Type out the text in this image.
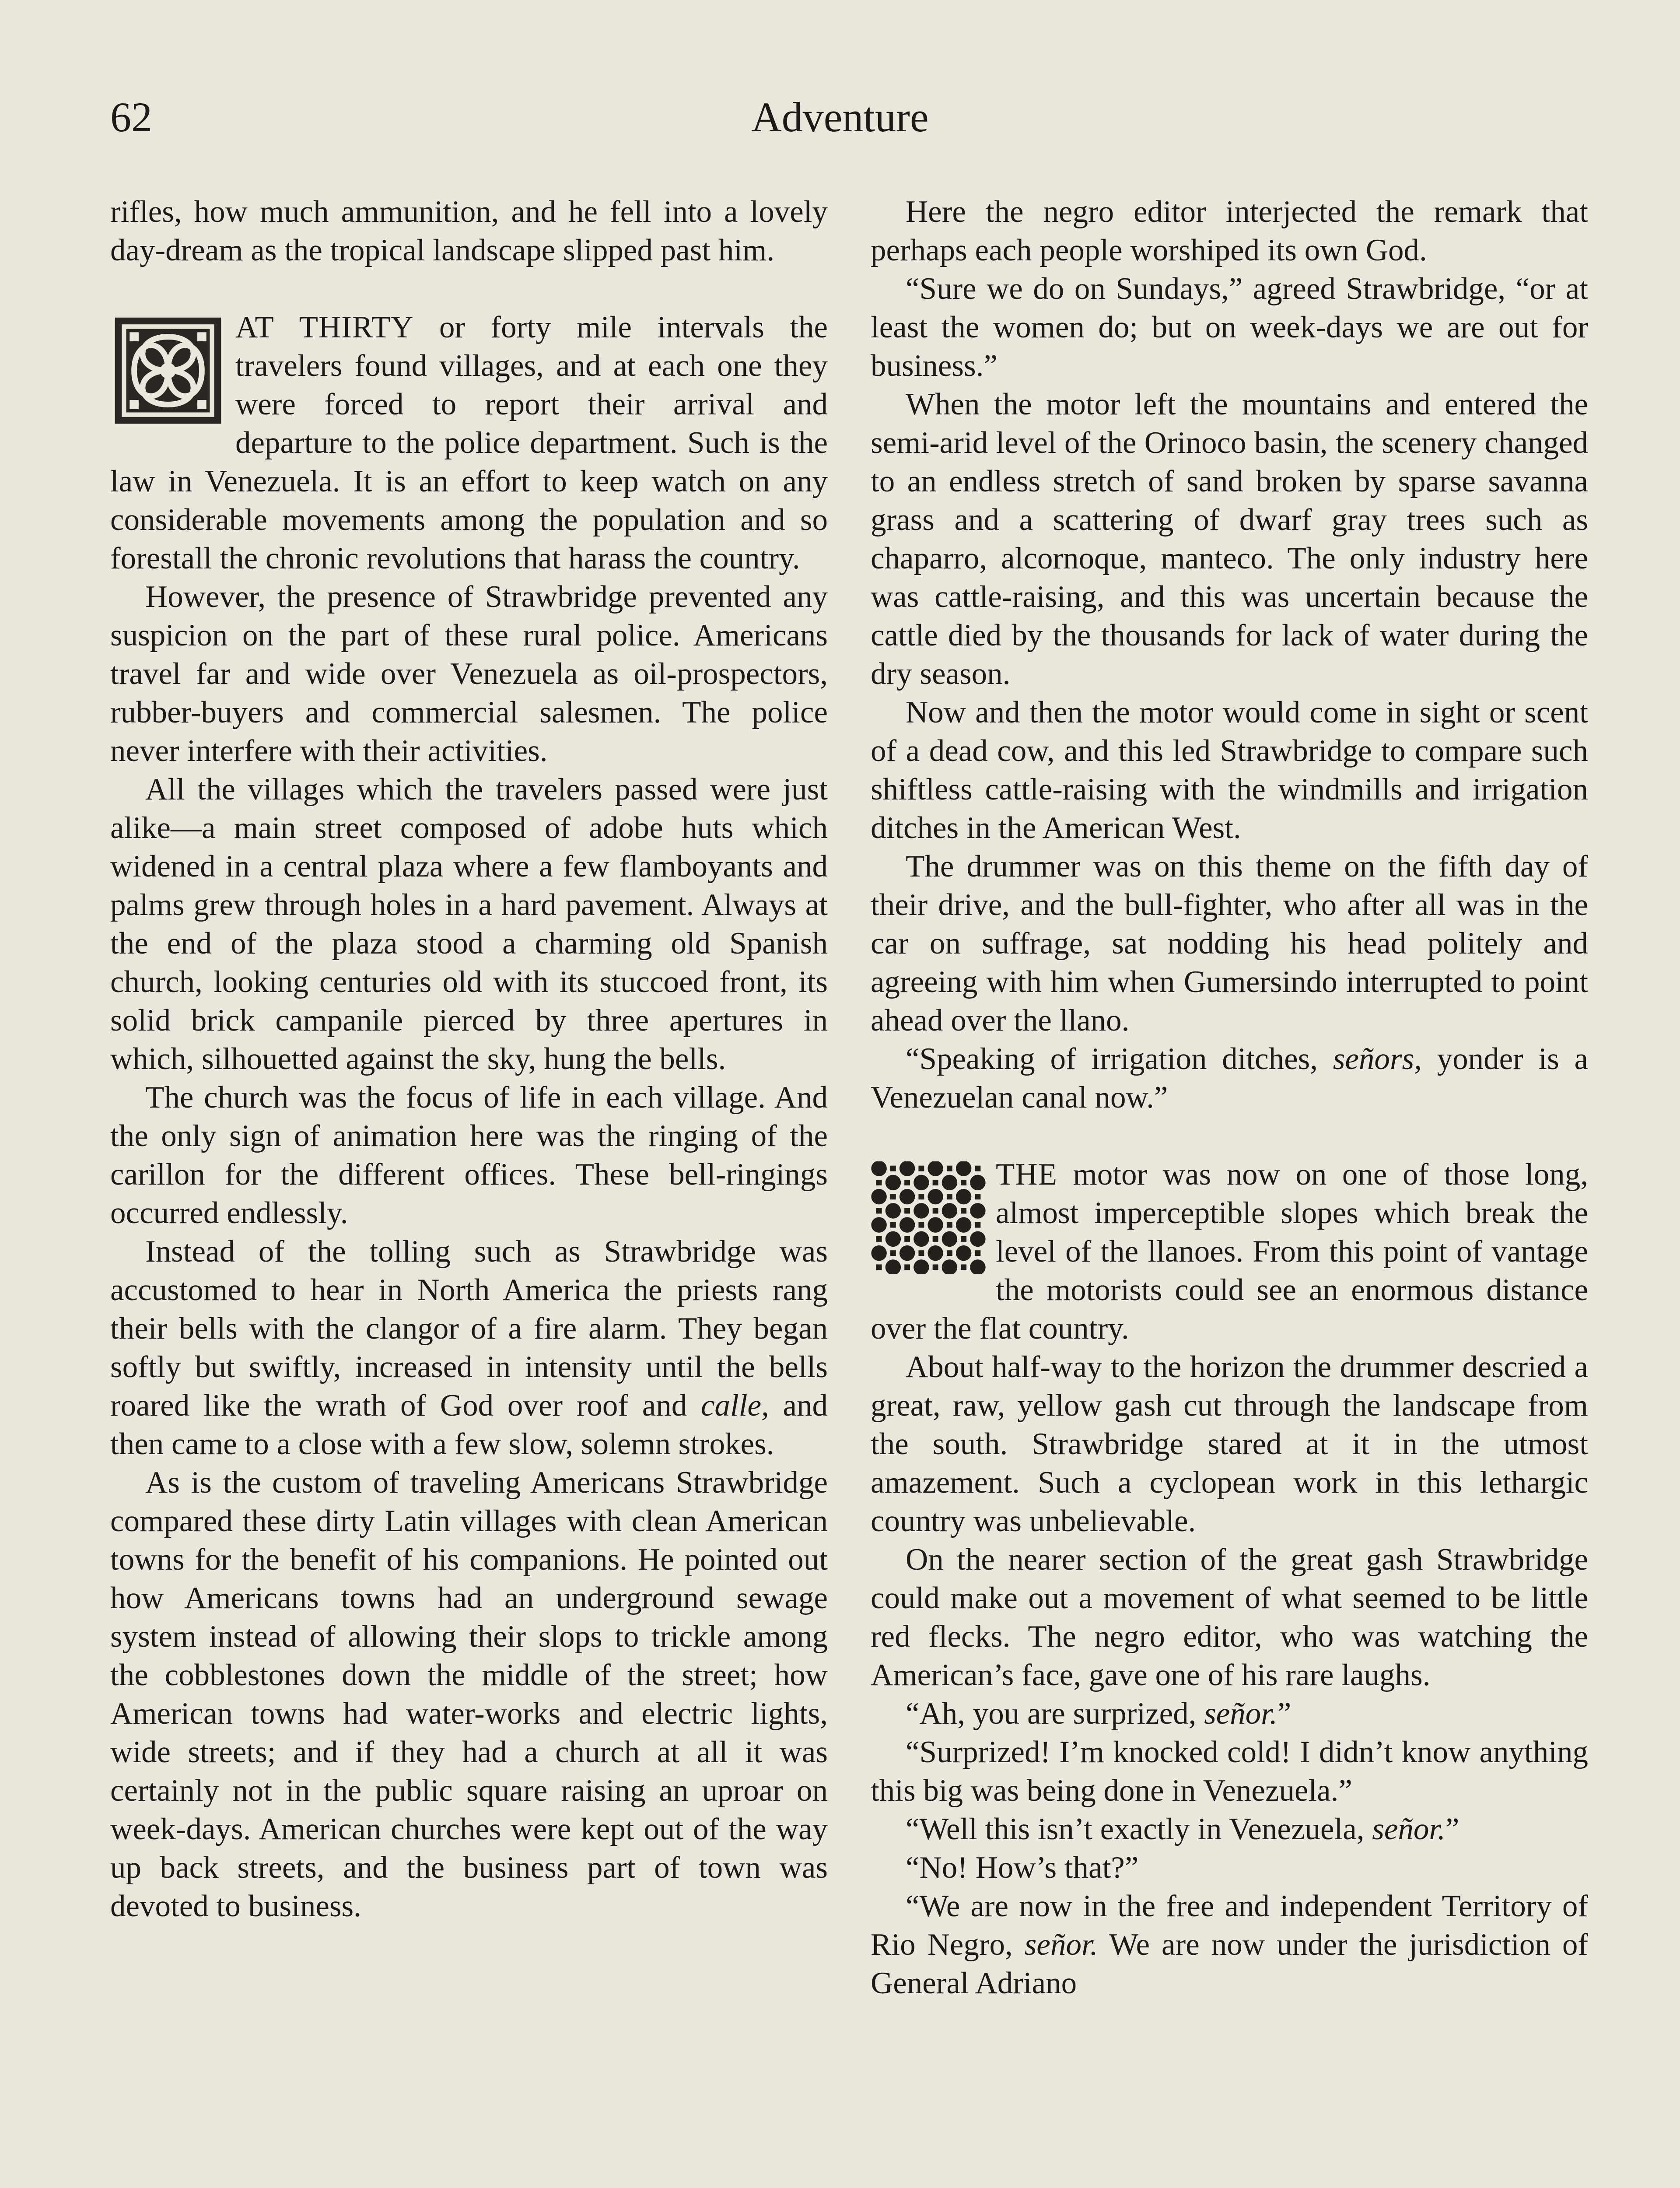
62	Adventure

rifles, how much ammunition, and he fell into a lovely day-dream as the tropical landscape slipped past him.

AT THIRTY or forty mile intervals the travelers found villages, and at each one they were forced to report their arrival and departure to the police department. Such is the law in Venezuela. It is an effort to keep watch on any considerable movements among the population and so forestall the chronic revolutions that harass the country.

However, the presence of Strawbridge prevented any suspicion on the part of these rural police. Americans travel far and wide over Venezuela as oil-prospectors, rubber-buyers and commercial salesmen. The police never interfere with their activities.

All the villages which the travelers passed were just alike—a main street composed of adobe huts which widened in a central plaza where a few flamboyants and palms grew through holes in a hard pavement. Always at the end of the plaza stood a charming old Spanish church, looking centuries old with its stuccoed front, its solid brick campanile pierced by three apertures in which, silhouetted against the sky, hung the bells.

The church was the focus of life in each village. And the only sign of animation here was the ringing of the carillon for the different offices. These bell-ringings occurred endlessly.

Instead of the tolling such as Strawbridge was accustomed to hear in North America the priests rang their bells with the clangor of a fire alarm. They began softly but swiftly, increased in intensity until the bells roared like the wrath of God over roof and calle, and then came to a close with a few slow, solemn strokes.

As is the custom of traveling Americans Strawbridge compared these dirty Latin villages with clean American towns for the benefit of his companions. He pointed out how Americans towns had an underground sewage system instead of allowing their slops to trickle among the cobblestones down the middle of the street; how American towns had water-works and electric lights, wide streets; and if they had a church at all it was certainly not in the public square raising an uproar on week-days. American churches were kept out of the way up back streets, and the business part of town was devoted to business.

Here the negro editor interjected the remark that perhaps each people worshiped its own God.

“Sure we do on Sundays,” agreed Strawbridge, “or at least the women do; but on week-days we are out for business.”

When the motor left the mountains and entered the semi-arid level of the Orinoco basin, the scenery changed to an endless stretch of sand broken by sparse savanna grass and a scattering of dwarf gray trees such as chaparro, alcornoque, manteco. The only industry here was cattle-raising, and this was uncertain because the cattle died by the thousands for lack of water during the dry season.

Now and then the motor would come in sight or scent of a dead cow, and this led Strawbridge to compare such shiftless cattle-raising with the windmills and irrigation ditches in the American West.

The drummer was on this theme on the fifth day of their drive, and the bull-fighter, who after all was in the car on suffrage, sat nodding his head politely and agreeing with him when Gumersindo interrupted to point ahead over the llano.

“Speaking of irrigation ditches, señors, yonder is a Venezuelan canal now.”

THE motor was now on one of those long, almost imperceptible slopes which break the level of the llanoes. From this point of vantage the motorists could see an enormous distance over the flat country.

About half-way to the horizon the drummer descried a great, raw, yellow gash cut through the landscape from the south. Strawbridge stared at it in the utmost amazement. Such a cyclopean work in this lethargic country was unbelievable.

On the nearer section of the great gash Strawbridge could make out a movement of what seemed to be little red flecks. The negro editor, who was watching the American’s face, gave one of his rare laughs.

“Ah, you are surprized, señor.”

“Surprized! I’m knocked cold! I didn’t know anything this big was being done in Venezuela.”

“Well this isn’t exactly in Venezuela, señor.”

“No! How’s that?”

“We are now in the free and independent Territory of Rio Negro, señor. We are now under the jurisdiction of General Adriano
